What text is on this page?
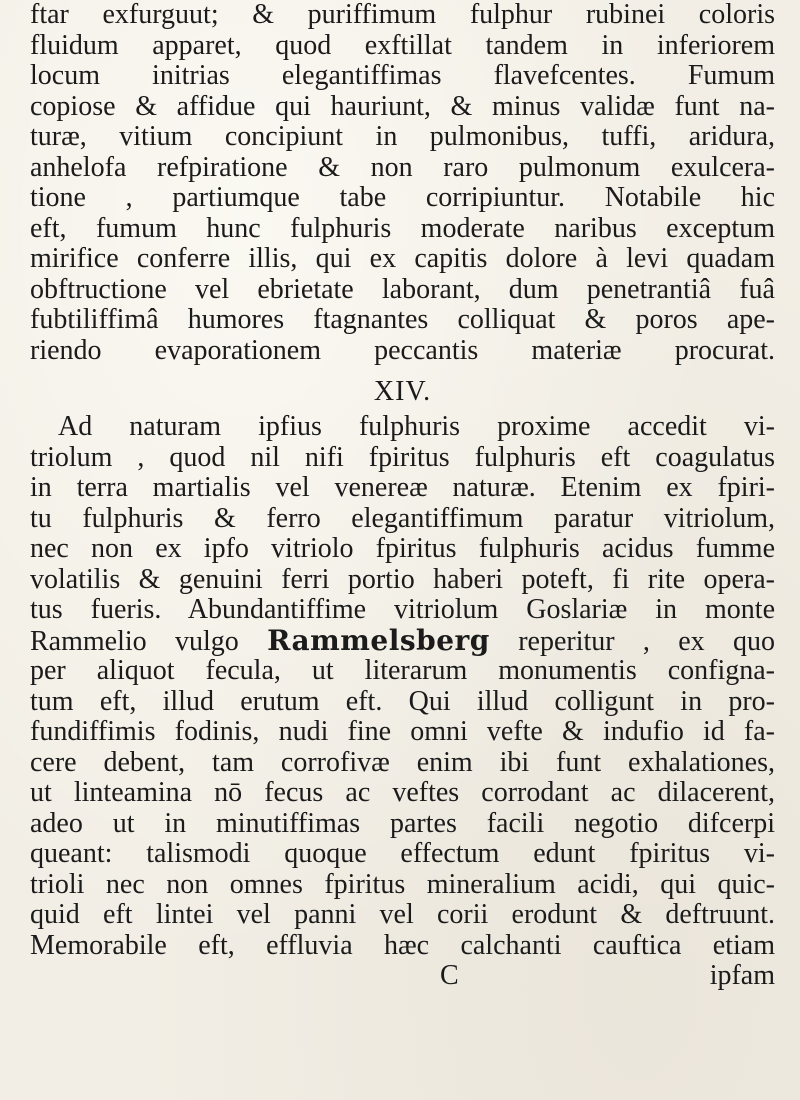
ftar exfurguut; & puriffimum fulphur rubinei coloris
fluidum apparet, quod exftillat tandem in inferiorem
locum initrias elegantiffimas flavefcentes. Fumum
copiose & affidue qui hauriunt, & minus validæ funt na-
turæ, vitium concipiunt in pulmonibus, tuffi, aridura,
anhelofa refpiratione & non raro pulmonum exulcera-
tione , partiumque tabe corripiuntur. Notabile hic
eft, fumum hunc fulphuris moderate naribus exceptum
mirifice conferre illis, qui ex capitis dolore à levi quadam
obftructione vel ebrietate laborant, dum penetrantiâ fuâ
fubtiliffimâ humores ftagnantes colliquat & poros ape-
riendo evaporationem peccantis materiæ procurat.
XIV.
Ad naturam ipfius fulphuris proxime accedit vi-
triolum , quod nil nifi fpiritus fulphuris eft coagulatus
in terra martialis vel venereæ naturæ. Etenim ex fpiri-
tu fulphuris & ferro elegantiffimum paratur vitriolum,
nec non ex ipfo vitriolo fpiritus fulphuris acidus fumme
volatilis & genuini ferri portio haberi poteft, fi rite opera-
tus fueris. Abundantiffime vitriolum Goslariæ in monte
Rammelio vulgo Rammelsberg reperitur , ex quo
per aliquot fecula, ut literarum monumentis configna-
tum eft, illud erutum eft. Qui illud colligunt in pro-
fundiffimis fodinis, nudi fine omni vefte & indufio id fa-
cere debent, tam corrofivæ enim ibi funt exhalationes,
ut linteamina nō fecus ac veftes corrodant ac dilacerent,
adeo ut in minutiffimas partes facili negotio difcerpi
queant: talismodi quoque effectum edunt fpiritus vi-
trioli nec non omnes fpiritus mineralium acidi, qui quic-
quid eft lintei vel panni vel corii erodunt & deftruunt.
Memorabile eft, effluvia hæc calchanti cauftica etiam
C	ipfam
